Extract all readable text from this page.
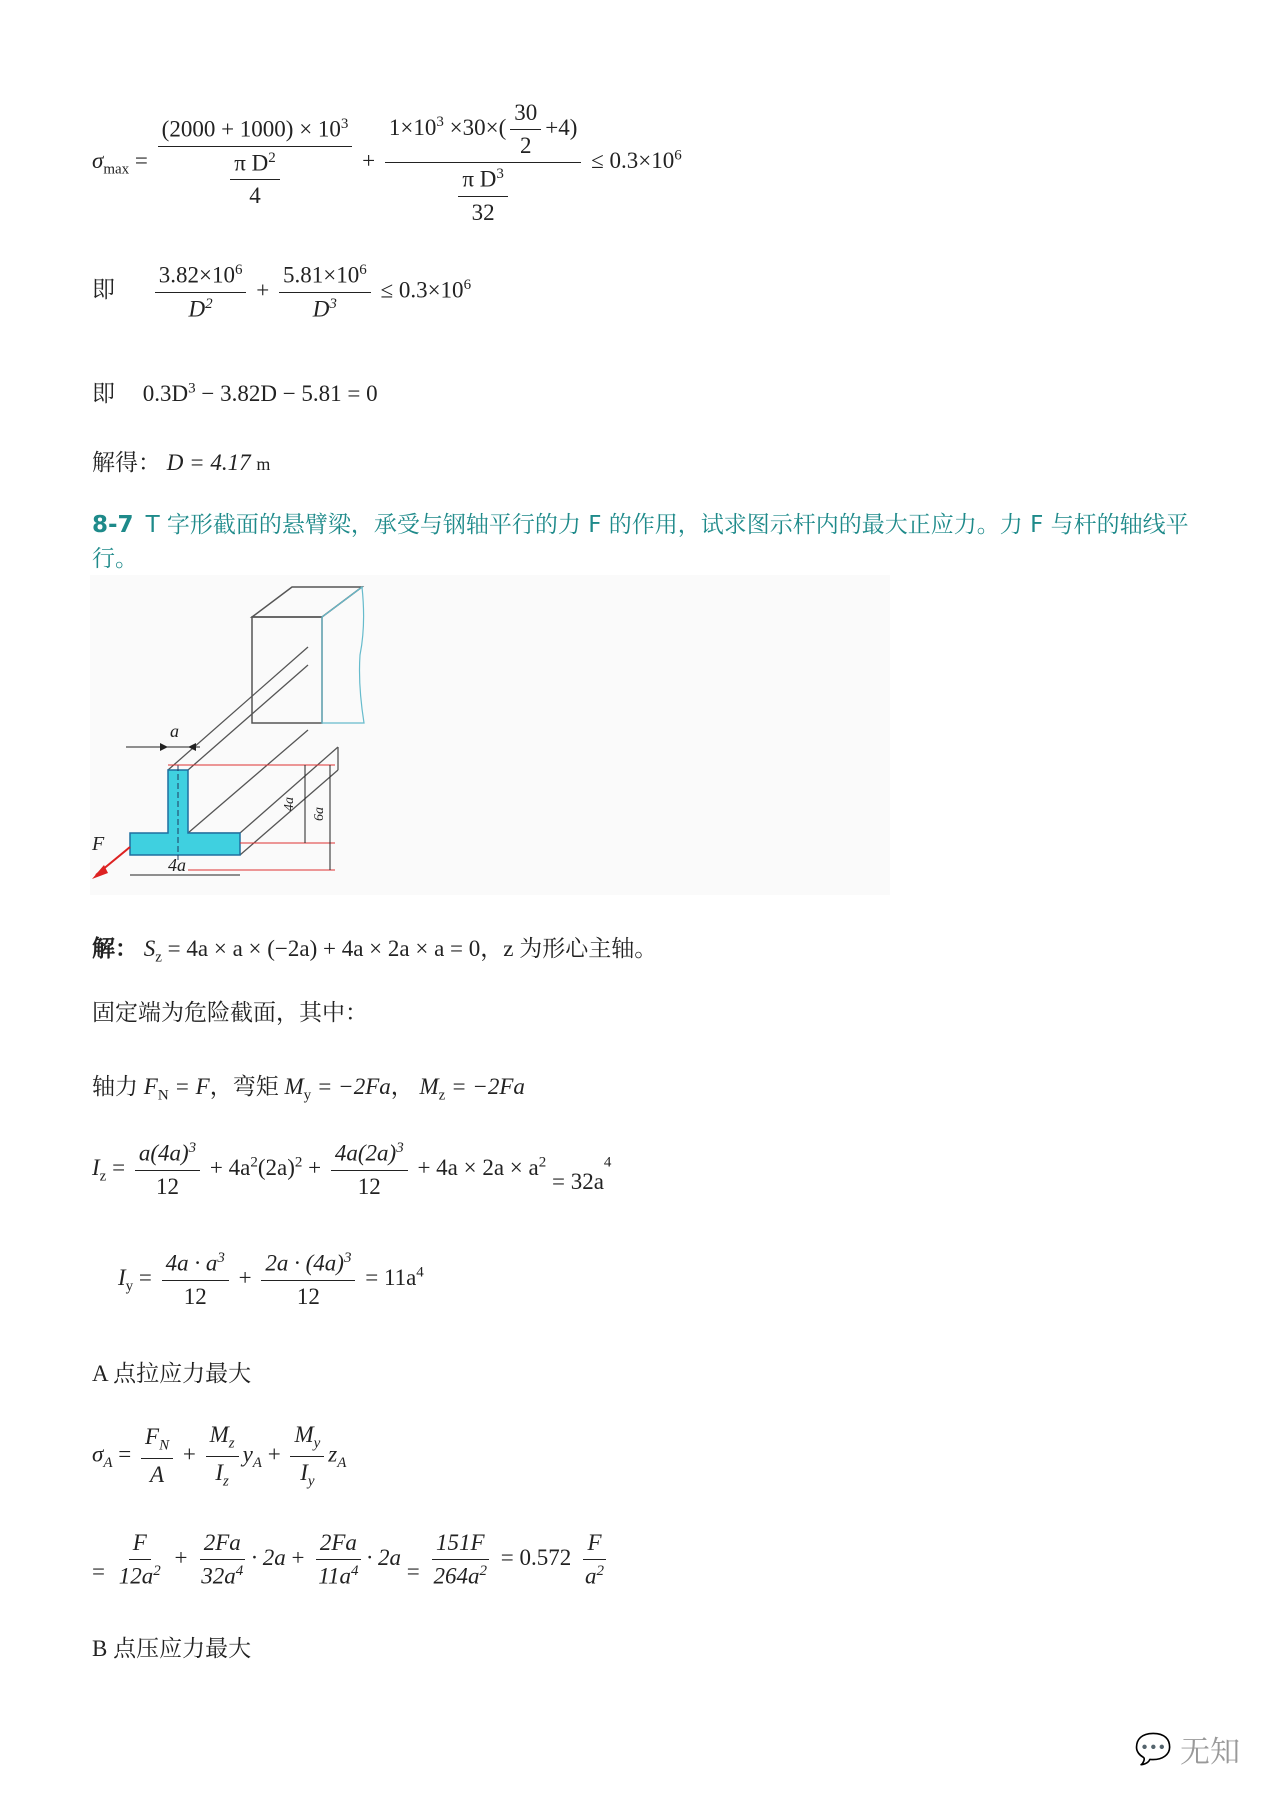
$\sigma_{max} = \frac{(2000 + 1000) \times 10^3}{\frac{\pi D^2}{4}} + \frac{1\times 10^3 \times 30\times( \frac{30}{2} +4)}{\frac{\pi D^3}{32}} \le 0.3\times 10^6$
即 $\frac{3.82\times 10^6}{D^2} + \frac{5.81\times 10^6}{D^3} \le 0.3\times 10^6$
即 $0.3D^3 - 3.82D - 5.81 = 0$
解得： D = 4.17 m
8-7 T 字形截面的悬臂梁，承受与钢轴平行的力 F 的作用，试求图示杆内的最大正应力。力 F 与杆的轴线平行。
a
4a
4a
6a
F
解： $S_z = 4a \times a \times (-2a) + 4a \times 2a \times a = 0$，z 为形心主轴。
固定端为危险截面，其中：
轴力 $F_N = F$，弯矩 $M_y = -2Fa$， $M_z = -2Fa$
$I_z = \frac{a(4a)^3}{12} + 4a^2(2a)^2 + \frac{4a(2a)^3}{12} + 4a \times 2a \times a^2 = 32a^4$
$I_y = \frac{4a \cdot a^3}{12} + \frac{2a \cdot (4a)^3}{12} = 11a^4$
A 点拉应力最大
$\sigma_A = \frac{F_N}{A} + \frac{M_z}{I_z} y_A + \frac{M_y}{I_y} z_A$
= $\frac{F}{12a^2} + \frac{2Fa}{32a^4} \cdot 2a + \frac{2Fa}{11a^4} \cdot 2a = \frac{151F}{264a^2} = 0.572 \frac{F}{a^2}$
B 点压应力最大
💬 无知
